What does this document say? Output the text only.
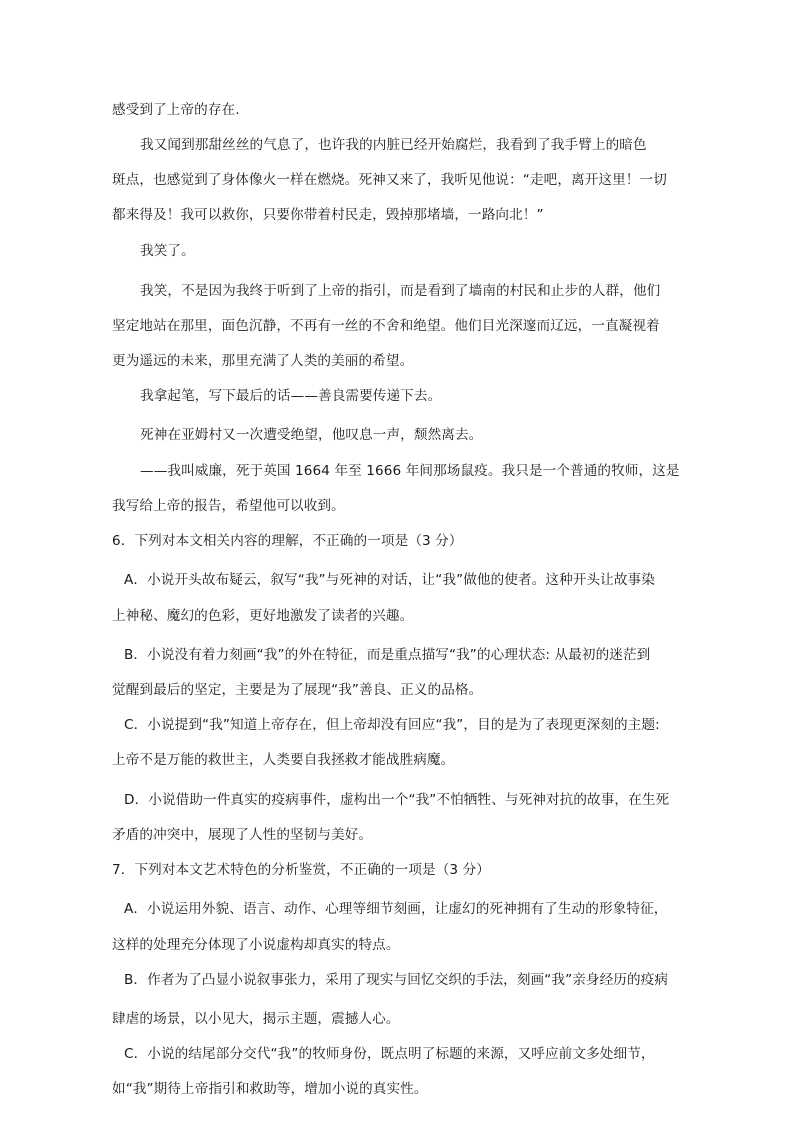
感受到了上帝的存在.
我又闻到那甜丝丝的气息了，也许我的内脏已经开始腐烂，我看到了我手臂上的暗色
斑点，也感觉到了身体像火一样在燃烧。死神又来了，我听见他说：“走吧，离开这里！一切
都来得及！我可以救你，只要你带着村民走，毁掉那堵墙，一路向北！”
我笑了。
我笑，不是因为我终于听到了上帝的指引，而是看到了墙南的村民和止步的人群，他们
坚定地站在那里，面色沉静，不再有一丝的不舍和绝望。他们目光深邃而辽远，一直凝视着
更为遥远的未来，那里充满了人类的美丽的希望。
我拿起笔，写下最后的话——善良需要传递下去。
死神在亚姆村又一次遭受绝望，他叹息一声，颓然离去。
——我叫威廉，死于英国 1664 年至 1666 年间那场鼠疫。我只是一个普通的牧师，这是
我写给上帝的报告，希望他可以收到。
6．下列对本文相关内容的理解，不正确的一项是（3 分）
A．小说开头故布疑云，叙写“我”与死神的对话，让“我”做他的使者。这种开头让故事染
上神秘、魔幻的色彩，更好地激发了读者的兴趣。
B．小说没有着力刻画“我”的外在特征，而是重点描写“我”的心理状态: 从最初的迷茫到
觉醒到最后的坚定，主要是为了展现“我”善良、正义的品格。
C．小说提到“我”知道上帝存在，但上帝却没有回应“我”，目的是为了表现更深刻的主题:
上帝不是万能的救世主，人类要自我拯救才能战胜病魔。
D．小说借助一件真实的疫病事件，虚构出一个“我”不怕牺牲、与死神对抗的故事，在生死
矛盾的冲突中，展现了人性的坚韧与美好。
7．下列对本文艺术特色的分析鉴赏，不正确的一项是（3 分）
A．小说运用外貌、语言、动作、心理等细节刻画，让虚幻的死神拥有了生动的形象特征，
这样的处理充分体现了小说虚构却真实的特点。
B．作者为了凸显小说叙事张力，采用了现实与回忆交织的手法，刻画“我”亲身经历的疫病
肆虐的场景，以小见大，揭示主题，震撼人心。
C．小说的结尾部分交代“我”的牧师身份，既点明了标题的来源，又呼应前文多处细节，
如“我”期待上帝指引和救助等，增加小说的真实性。
